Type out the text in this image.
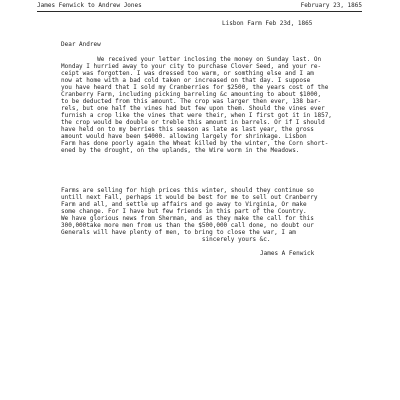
James Fenwick to Andrew Jones	February 23, 1865
Lisbon Farm Feb 23d, 1865
Dear Andrew
We received your letter inclosing the money on Sunday last. On
Monday I hurried away to your city to purchase Clover Seed, and your re-
ceipt was forgotten. I was dressed too warm, or somthing else and I am
now at home with a bad cold taken or increased on that day. I suppose
you have heard that I sold my Cranberries for $2500, the years cost of the
Cranberry Farm, including picking barreling &c amounting to about $1000,
to be deducted from this amount. The crop was larger then ever, 138 bar-
rels, but one half the vines had but few upon them. Should the vines ever
furnish a crop like the vines that were their, when I first got it in 1857,
the crop would be double or treble this amount in barrels. Or if I should
have held on to my berries this season as late as last year, the gross
amount would have been $4000. allowing largely for shrinkage. Lisbon
Farm has done poorly again the Wheat killed by the winter, the Corn short-
ened by the drought, on the uplands, the Wire worm in the Meadows.
Farms are selling for high prices this winter, should they continue so
untill next Fall, perhaps it would be best for me to sell out Cranberry
Farm and all, and settle up affairs and go away to Virginia, Or make
some change. For I have but few friends in this part of the Country.
We have glorious news from Sherman, and as they make the call for this
300,000take more men from us than the $500,000 call done, no doubt our
Generals will have plenty of men, to bring to close the war, I am
sincerely yours &c.
James A Fenwick
